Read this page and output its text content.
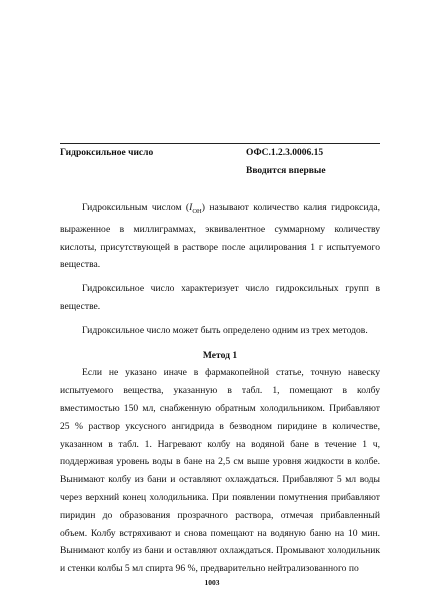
Гидроксильное число	ОФС.1.2.3.0006.15
Вводится впервые

Гидроксильным числом $(I_{OH})$ называют количество калия гидроксида, выраженное в миллиграммах, эквивалентное суммарному количеству кислоты, присутствующей в растворе после ацилирования 1 г испытуемого вещества.

Гидроксильное число характеризует число гидроксильных групп в веществе.

Гидроксильное число может быть определено одним из трех методов.

Метод 1

Если не указано иначе в фармакопейной статье, точную навеску испытуемого вещества, указанную в табл. 1, помещают в колбу вместимостью 150 мл, снабженную обратным холодильником. Прибавляют 25 % раствор уксусного ангидрида в безводном пиридине в количестве, указанном в табл. 1. Нагревают колбу на водяной бане в течение 1 ч, поддерживая уровень воды в бане на 2,5 см выше уровня жидкости в колбе. Вынимают колбу из бани и оставляют охлаждаться. Прибавляют 5 мл воды через верхний конец холодильника. При появлении помутнения прибавляют пиридин до образования прозрачного раствора, отмечая прибавленный объем. Колбу встряхивают и снова помещают на водяную баню на 10 мин. Вынимают колбу из бани и оставляют охлаждаться. Промывают холодильник и стенки колбы 5 мл спирта 96 %, предварительно нейтрализованного по

1003
